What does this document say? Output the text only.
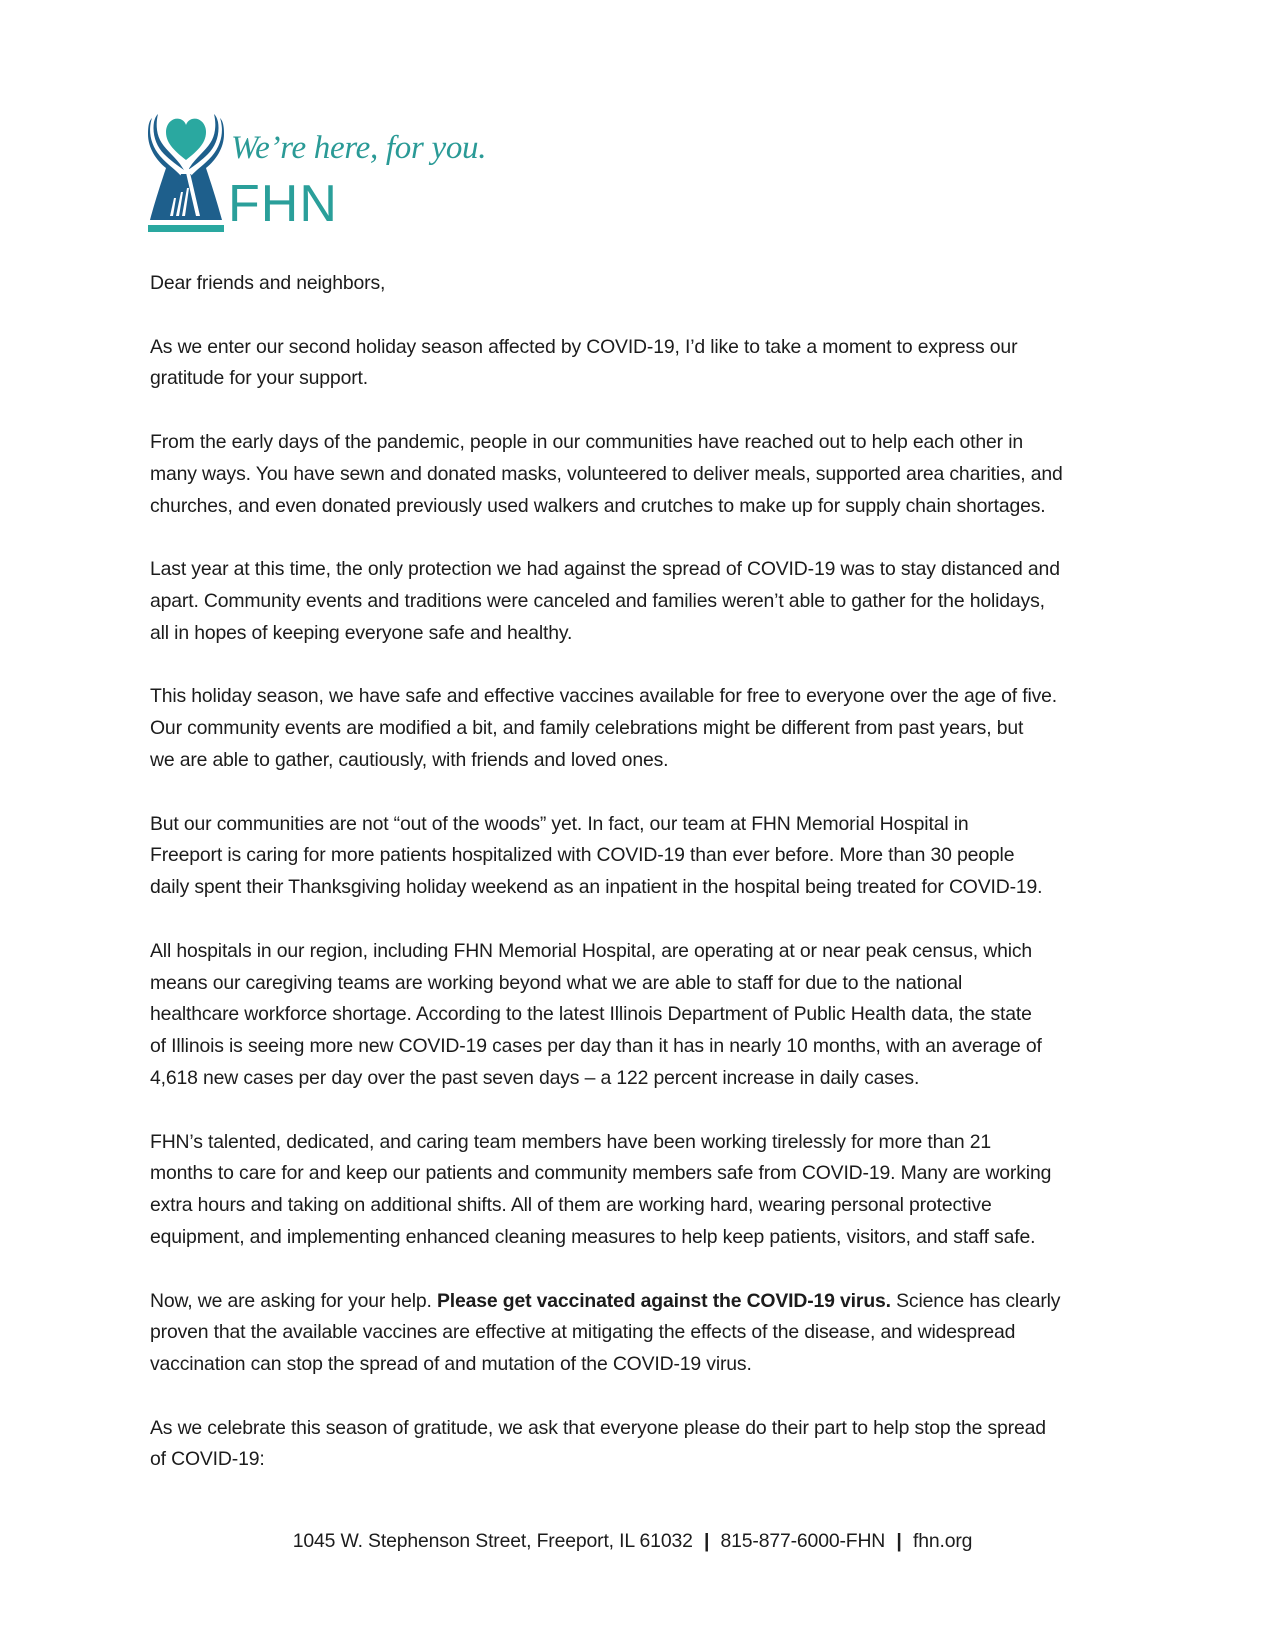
We’re here, for you.
FHN

Dear friends and neighbors,

As we enter our second holiday season affected by COVID-19, I’d like to take a moment to express our
gratitude for your support.

From the early days of the pandemic, people in our communities have reached out to help each other in
many ways. You have sewn and donated masks, volunteered to deliver meals, supported area charities, and
churches, and even donated previously used walkers and crutches to make up for supply chain shortages.

Last year at this time, the only protection we had against the spread of COVID-19 was to stay distanced and
apart. Community events and traditions were canceled and families weren’t able to gather for the holidays,
all in hopes of keeping everyone safe and healthy.

This holiday season, we have safe and effective vaccines available for free to everyone over the age of five.
Our community events are modified a bit, and family celebrations might be different from past years, but
we are able to gather, cautiously, with friends and loved ones.

But our communities are not “out of the woods” yet. In fact, our team at FHN Memorial Hospital in
Freeport is caring for more patients hospitalized with COVID-19 than ever before. More than 30 people
daily spent their Thanksgiving holiday weekend as an inpatient in the hospital being treated for COVID-19.

All hospitals in our region, including FHN Memorial Hospital, are operating at or near peak census, which
means our caregiving teams are working beyond what we are able to staff for due to the national
healthcare workforce shortage. According to the latest Illinois Department of Public Health data, the state
of Illinois is seeing more new COVID-19 cases per day than it has in nearly 10 months, with an average of
4,618 new cases per day over the past seven days – a 122 percent increase in daily cases.

FHN’s talented, dedicated, and caring team members have been working tirelessly for more than 21
months to care for and keep our patients and community members safe from COVID-19. Many are working
extra hours and taking on additional shifts. All of them are working hard, wearing personal protective
equipment, and implementing enhanced cleaning measures to help keep patients, visitors, and staff safe.

Now, we are asking for your help. Please get vaccinated against the COVID-19 virus. Science has clearly
proven that the available vaccines are effective at mitigating the effects of the disease, and widespread
vaccination can stop the spread of and mutation of the COVID-19 virus.

As we celebrate this season of gratitude, we ask that everyone please do their part to help stop the spread
of COVID-19:

1045 W. Stephenson Street, Freeport, IL 61032 | 815-877-6000-FHN | fhn.org
